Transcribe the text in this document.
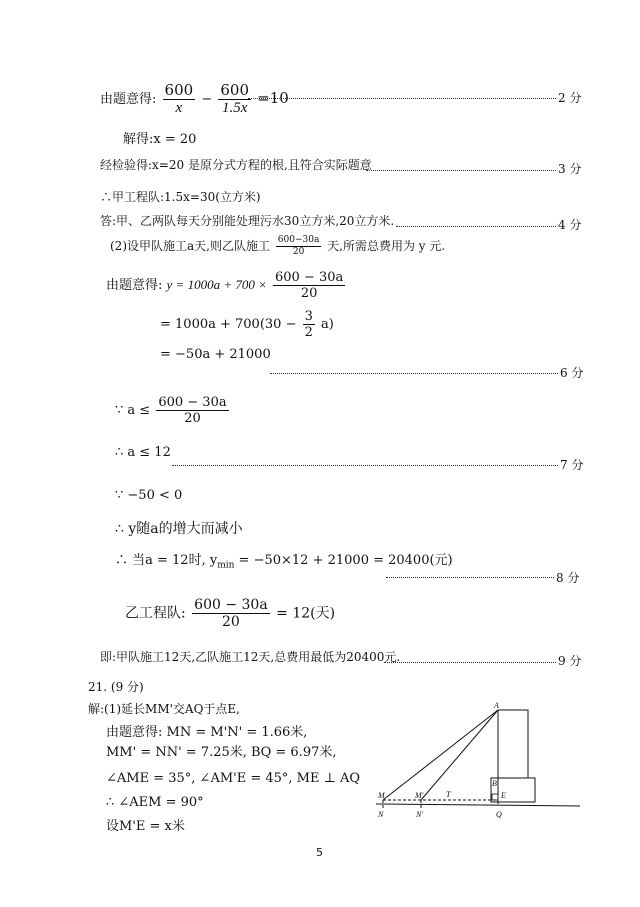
由题意得: $\frac{600}{x} - \frac{600}{1.5x} =10$	2 分
解得:x = 20
经检验得:x=20 是原分式方程的根,且符合实际题意	3 分
∴甲工程队:1.5x=30(立方米)
答:甲、乙两队每天分别能处理污水30立方米,20立方米.	4 分
(2)设甲队施工a天,则乙队施工 $\frac{600-30a}{20}$ 天,所需总费用为 y 元.
由题意得: $y = 1000a + 700 \times \frac{600 - 30a}{20}$
= $1000a + 700(30 - \frac{3}{2} a)$
= −50a + 21000
6 分
∵ $a \le \frac{600 - 30a}{20}$
∴ a ≤ 12
7 分
∵ −50 < 0
∴ y随a的增大而减小
∴ 当a = 12时, $y_{min} = -50\times 12 + 21000 = 20400$(元)
8 分
乙工程队: $\frac{600 - 30a}{20} = 12$(天)
即:甲队施工12天,乙队施工12天,总费用最低为20400元.	9 分
21. (9 分)
解:(1)延长MM'交AQ于点E,
由题意得: MN = M'N' = 1.66米,
MM' = NN' = 7.25米, BQ = 6.97米,
∠AME = 35°, ∠AM'E = 45°, ME ⊥ AQ
∴ ∠AEM = 90°
设M'E = x米
A
B
E
M	M'	T
N	N'	Q
5
